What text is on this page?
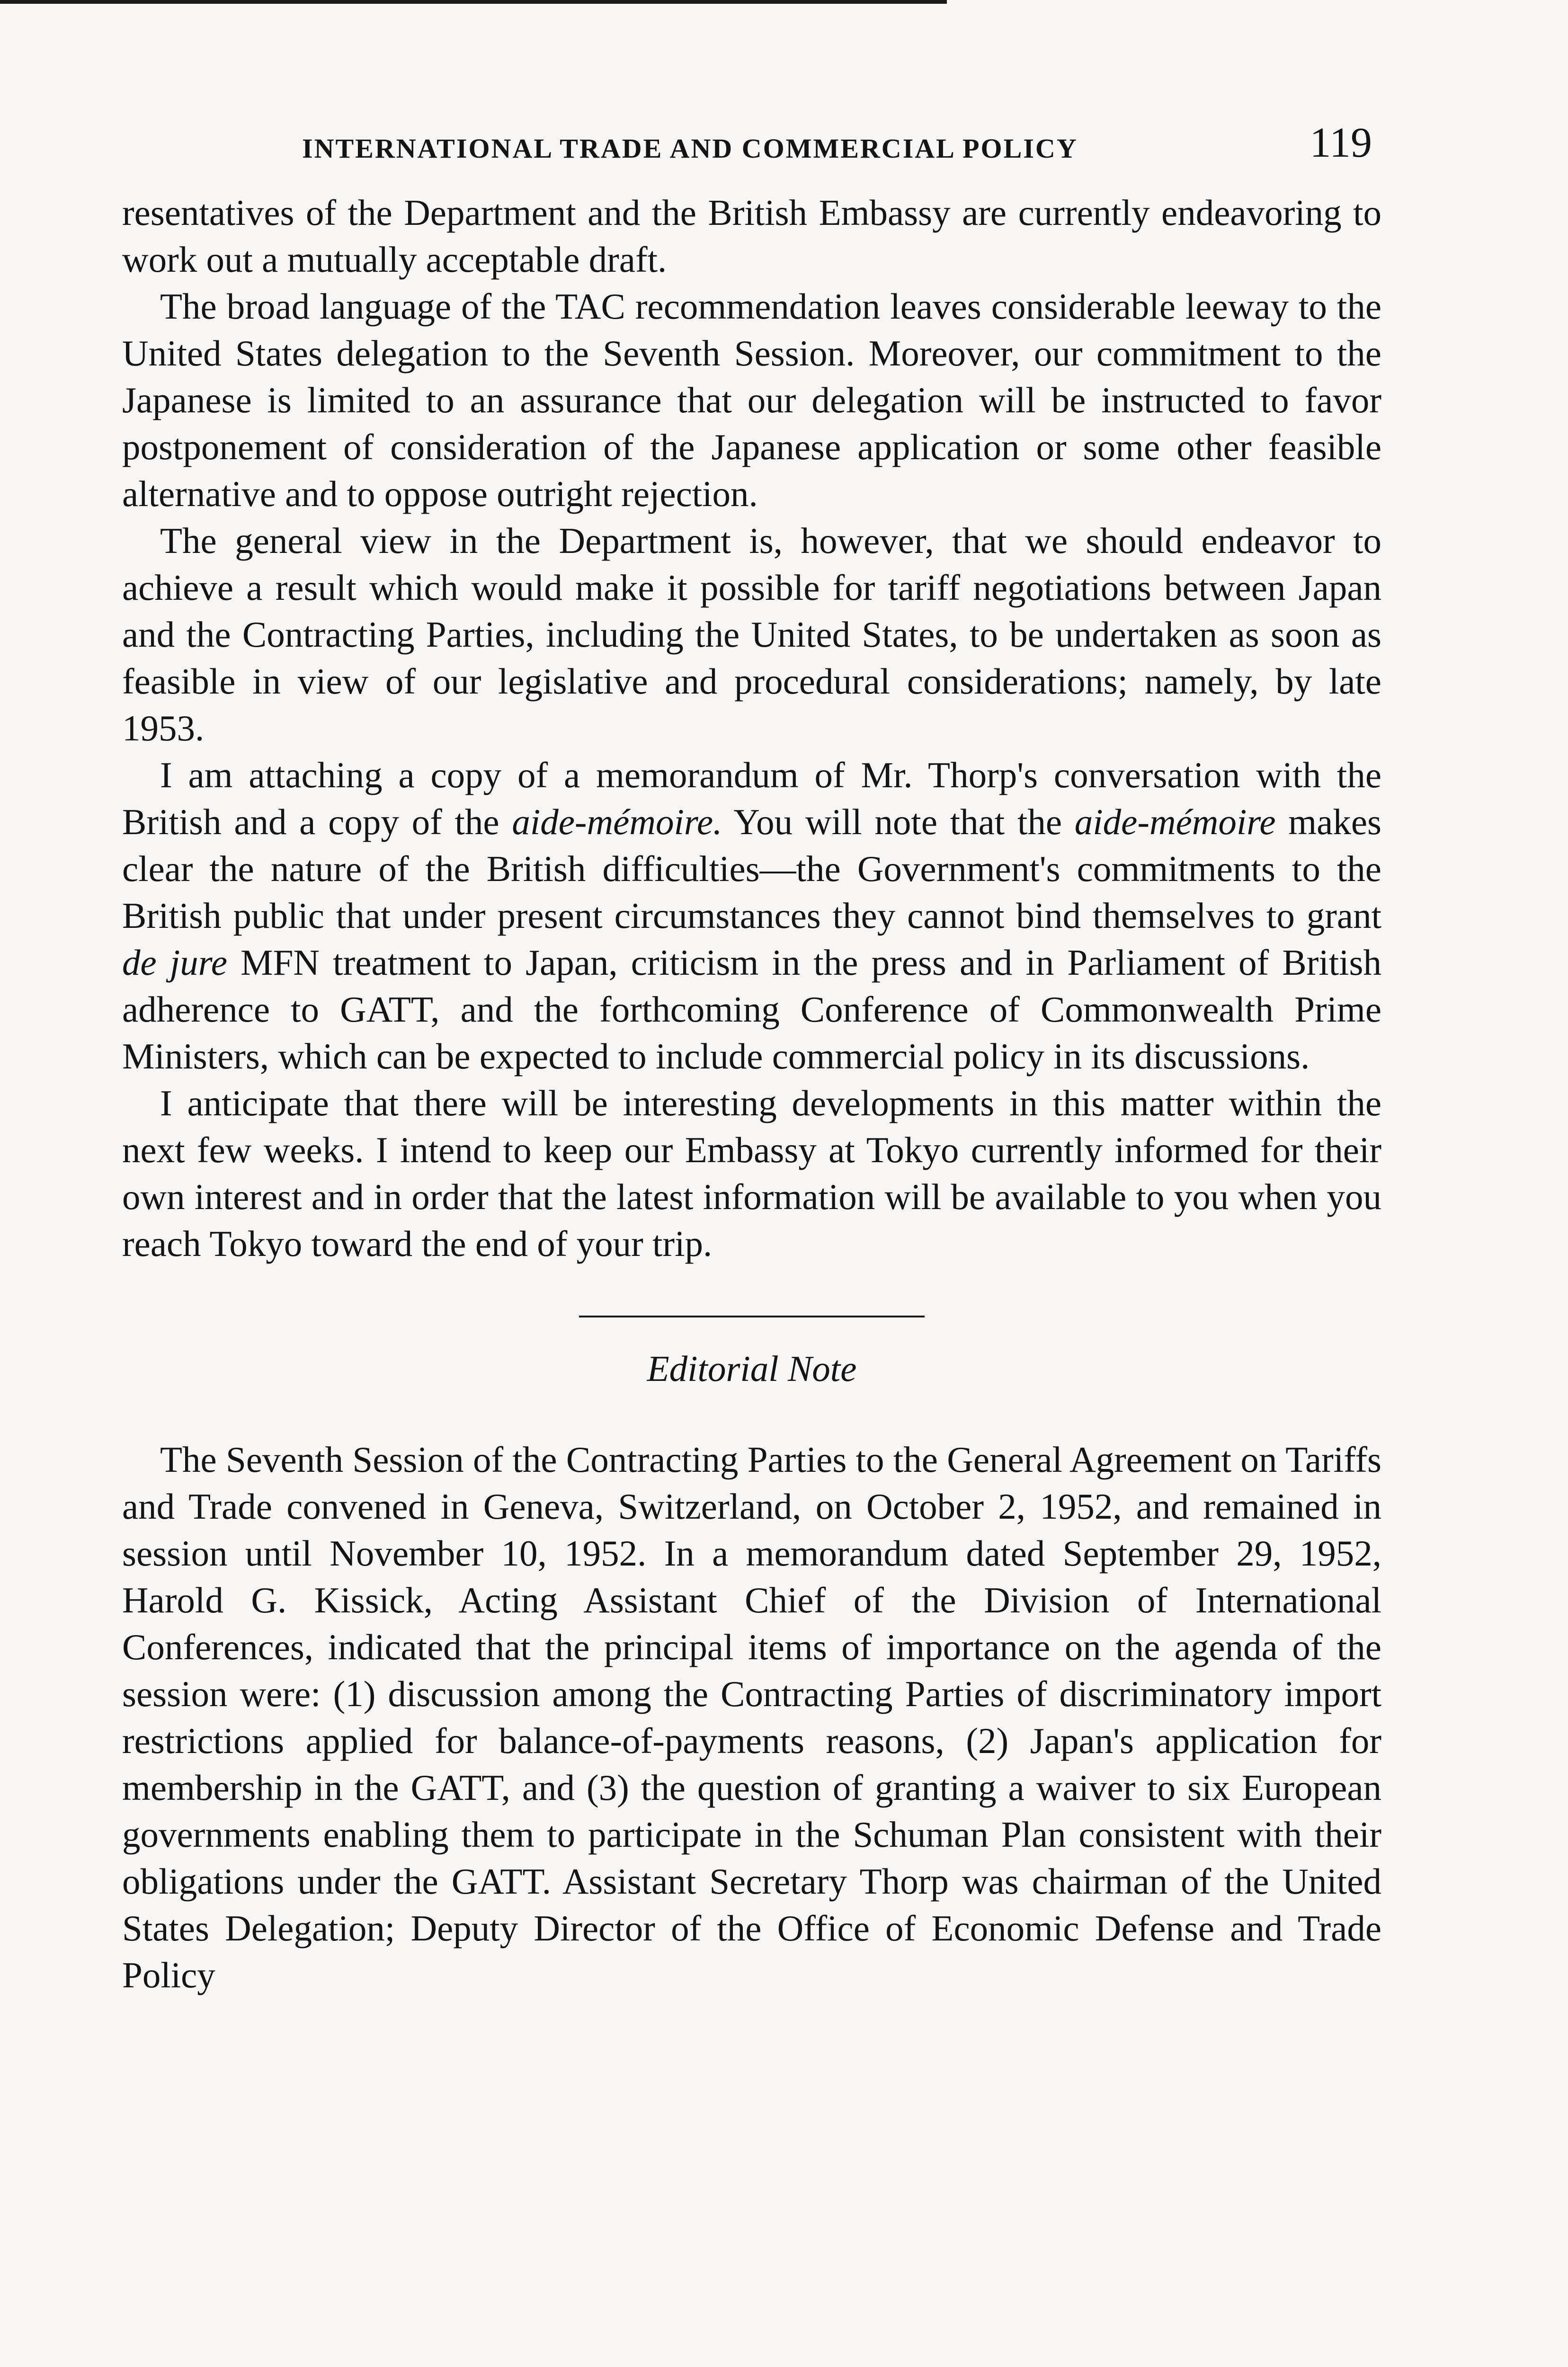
INTERNATIONAL TRADE AND COMMERCIAL POLICY	119

resentatives of the Department and the British Embassy are currently endeavoring to work out a mutually acceptable draft.

The broad language of the TAC recommendation leaves considerable leeway to the United States delegation to the Seventh Session. Moreover, our commitment to the Japanese is limited to an assurance that our delegation will be instructed to favor postponement of consideration of the Japanese application or some other feasible alternative and to oppose outright rejection.

The general view in the Department is, however, that we should endeavor to achieve a result which would make it possible for tariff negotiations between Japan and the Contracting Parties, including the United States, to be undertaken as soon as feasible in view of our legislative and procedural considerations; namely, by late 1953.

I am attaching a copy of a memorandum of Mr. Thorp's conversation with the British and a copy of the aide-mémoire. You will note that the aide-mémoire makes clear the nature of the British difficulties—the Government's commitments to the British public that under present circumstances they cannot bind themselves to grant de jure MFN treatment to Japan, criticism in the press and in Parliament of British adherence to GATT, and the forthcoming Conference of Commonwealth Prime Ministers, which can be expected to include commercial policy in its discussions.

I anticipate that there will be interesting developments in this matter within the next few weeks. I intend to keep our Embassy at Tokyo currently informed for their own interest and in order that the latest information will be available to you when you reach Tokyo toward the end of your trip.

Editorial Note

The Seventh Session of the Contracting Parties to the General Agreement on Tariffs and Trade convened in Geneva, Switzerland, on October 2, 1952, and remained in session until November 10, 1952. In a memorandum dated September 29, 1952, Harold G. Kissick, Acting Assistant Chief of the Division of International Conferences, indicated that the principal items of importance on the agenda of the session were: (1) discussion among the Contracting Parties of discriminatory import restrictions applied for balance-of-payments reasons, (2) Japan's application for membership in the GATT, and (3) the question of granting a waiver to six European governments enabling them to participate in the Schuman Plan consistent with their obligations under the GATT. Assistant Secretary Thorp was chairman of the United States Delegation; Deputy Director of the Office of Economic Defense and Trade Policy
